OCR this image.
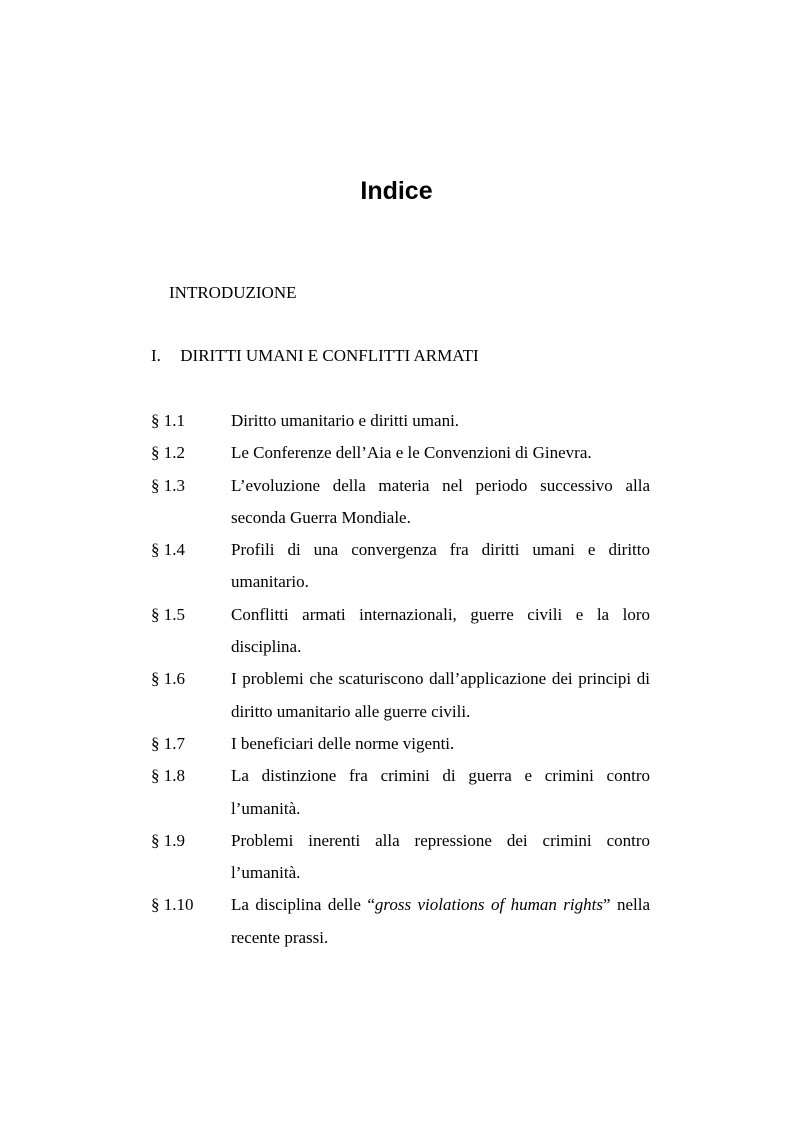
Indice
INTRODUZIONE
I. DIRITTI UMANI E CONFLITTI ARMATI
§ 1.1	Diritto umanitario e diritti umani.
§ 1.2	Le Conferenze dell’Aia e le Convenzioni di Ginevra.
§ 1.3	L’evoluzione della materia nel periodo successivo alla seconda Guerra Mondiale.
§ 1.4	Profili di una convergenza fra diritti umani e diritto umanitario.
§ 1.5	Conflitti armati internazionali, guerre civili e la loro disciplina.
§ 1.6	I problemi che scaturiscono dall’applicazione dei principi di diritto umanitario alle guerre civili.
§ 1.7	I beneficiari delle norme vigenti.
§ 1.8	La distinzione fra crimini di guerra e crimini contro l’umanità.
§ 1.9	Problemi inerenti alla repressione dei crimini contro l’umanità.
§ 1.10	La disciplina delle “gross violations of human rights” nella recente prassi.
